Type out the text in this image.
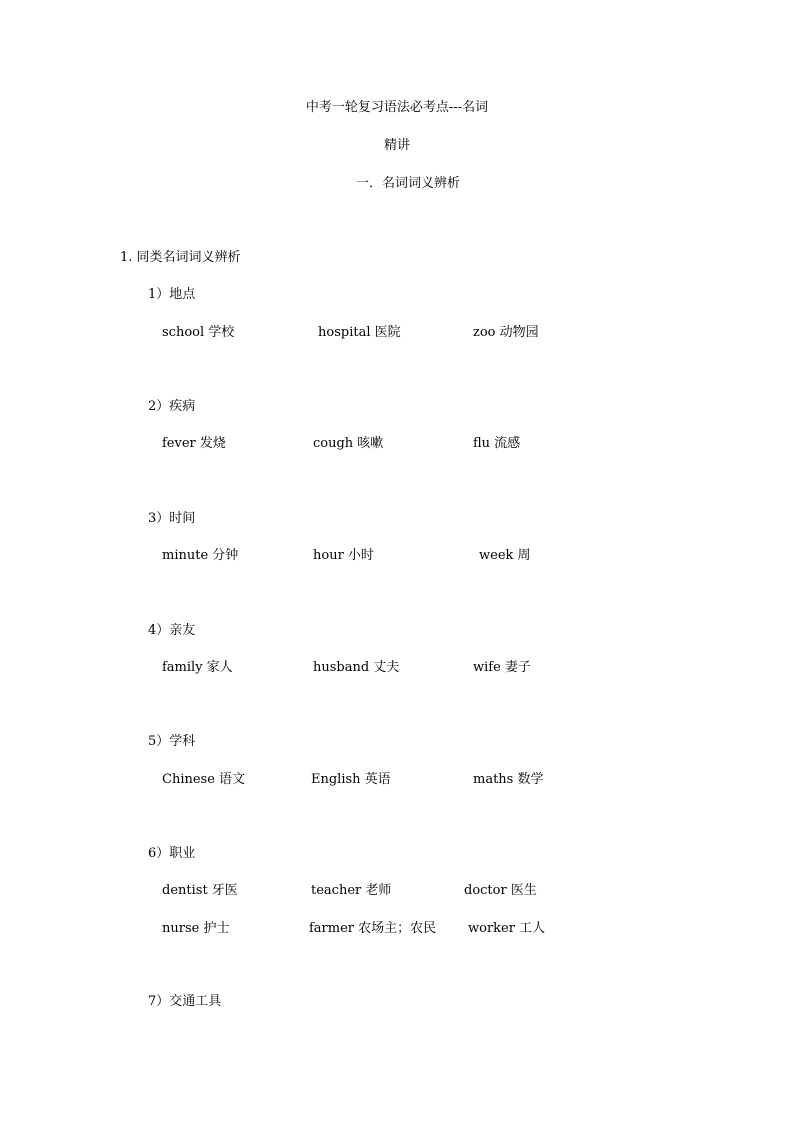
中考一轮复习语法必考点---名词
精讲
一．名词词义辨析
1. 同类名词词义辨析
1）地点
school 学校	hospital 医院	zoo 动物园
2）疾病
fever 发烧	cough 咳嗽	flu 流感
3）时间
minute 分钟	hour 小时	week 周
4）亲友
family 家人	husband 丈夫	wife 妻子
5）学科
Chinese 语文	English 英语	maths 数学
6）职业
dentist 牙医	teacher 老师	doctor 医生
nurse 护士	farmer 农场主；农民 worker 工人
7）交通工具
